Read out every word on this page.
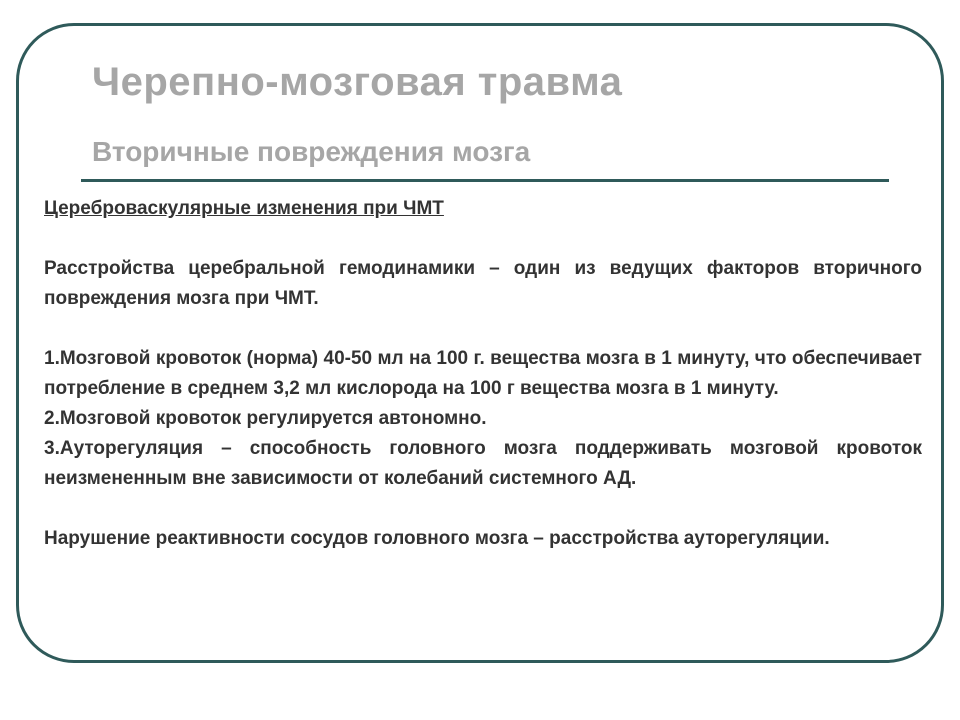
Черепно-мозговая травма
Вторичные повреждения мозга

Цереброваскулярные изменения при ЧМТ

Расстройства церебральной гемодинамики – один из ведущих факторов вторичного повреждения мозга при ЧМТ.

1.Мозговой кровоток (норма) 40-50 мл на 100 г. вещества мозга в 1 минуту, что обеспечивает потребление в среднем 3,2 мл кислорода на 100 г вещества мозга в 1 минуту.

2.Мозговой кровоток регулируется автономно.

3.Ауторегуляция – способность головного мозга поддерживать мозговой кровоток неизмененным вне зависимости от колебаний системного АД.

Нарушение реактивности сосудов головного мозга – расстройства ауторегуляции.
